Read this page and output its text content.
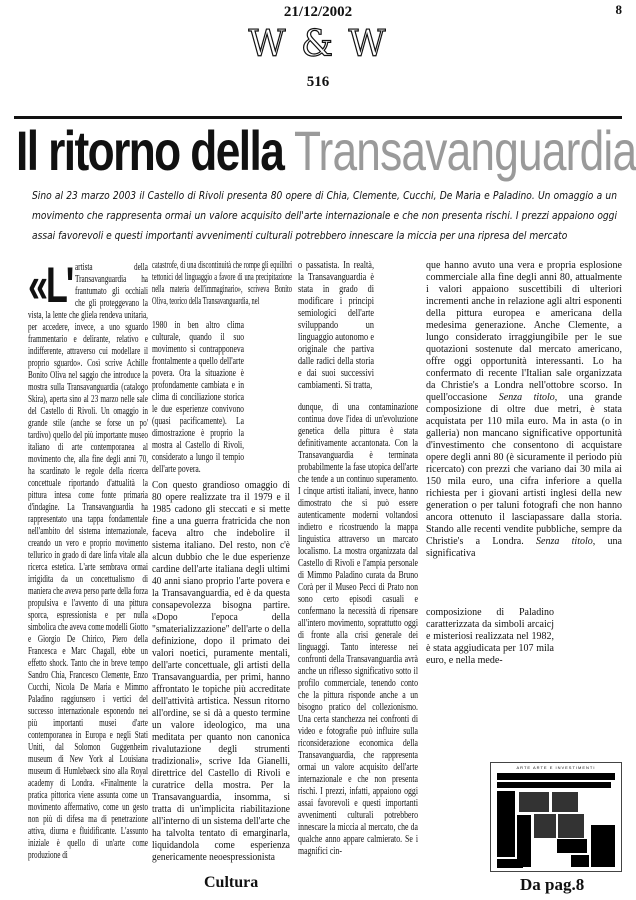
8
21/12/2002
W & W
516
Il ritorno della Transavanguardia
Sino al 23 marzo 2003 il Castello di Rivoli presenta 80 opere di Chia, Clemente, Cucchi, De Maria e Paladino. Un omaggio a un movimento che rappresenta ormai un valore acquisito dell'arte internazionale e che non presenta rischi. I prezzi appaiono oggi assai favorevoli e questi importanti avvenimenti culturali potrebbero innescare la miccia per una ripresa del mercato
«L' artista della Transavanguardia ha frantumato gli occhiali che gli proteggevano la vista, la lente che gliela rendeva unitaria, per accedere, invece, a uno sguardo frammentario e delirante, relativo e indifferente, attraverso cui modellare il proprio sguardo». Così scrive Achille Bonito Oliva nel saggio che introduce la mostra sulla Transavanguardia (catalogo Skira), aperta sino al 23 marzo nelle sale del Castello di Rivoli. Un omaggio in grande stile (anche se forse un po' tardivo) quello del più importante museo italiano di arte contemporanea al movimento che, alla fine degli anni 70, ha scardinato le regole della ricerca concettuale riportando d'attualità la pittura intesa come fonte primaria d'indagine. La Transavanguardia ha rappresentato una tappa fondamentale nell'ambito del sistema internazionale, creando un vero e proprio movimento tellurico in grado di dare linfa vitale alla ricerca estetica. L'arte sembrava ormai irrigidita da un concettualismo di maniera che aveva perso parte della forza propulsiva e l'avvento di una pittura sporca, espressionista e per nulla simbolica che aveva come modelli Giotto e Giorgio De Chirico, Piero della Francesca e Marc Chagall, ebbe un effetto shock. Tanto che in breve tempo Sandro Chia, Francesco Clemente, Enzo Cucchi, Nicola De Maria e Mimmo Paladino raggiunsero i vertici del successo internazionale esponendo nei più importanti musei d'arte contemporanea in Europa e negli Stati Uniti, dal Solomon Guggenheim museum di New York al Louisiana museum di Humlebaeck sino alla Royal academy di Londra. «Finalmente la pratica pittorica viene assunta come un movimento affermativo, come un gesto non più di difesa ma di penetrazione attiva, diurna e fluidificante. L'assunto iniziale è quello di un'arte come produzione di
catastrofe, di una discontinuità che rompe gli equilibri tettonici del linguaggio a favore di una precipitazione nella materia dell'immaginario», scriveva Bonito Oliva, teorico della Transavanguardia, nel
1980 in ben altro clima culturale, quando il suo movimento si contrapponeva frontalmente a quello dell'arte povera. Ora la situazione è profondamente cambiata e in clima di conciliazione storica le due esperienze convivono (quasi pacificamente). La dimostrazione è proprio la mostra al Castello di Rivoli, considerato a lungo il tempio dell'arte povera.
Con questo grandioso omaggio di 80 opere realizzate tra il 1979 e il 1985 cadono gli steccati e si mette fine a una guerra fratricida che non faceva altro che indebolire il sistema italiano. Del resto, non c'è alcun dubbio che le due esperienze cardine dell'arte italiana degli ultimi 40 anni siano proprio l'arte povera e la Transavanguardia, ed è da questa consapevolezza bisogna partire. «Dopo l'epoca della "smaterializzazione" dell'arte o della definizione, dopo il primato dei valori noetici, puramente mentali, dell'arte concettuale, gli artisti della Transavanguardia, per primi, hanno affrontato le topiche più accreditate dell'attività artistica. Nessun ritorno all'ordine, se si dà a questo termine un valore ideologico, ma una meditata per quanto non canonica rivalutazione degli strumenti tradizionali», scrive Ida Gianelli, direttrice del Castello di Rivoli e curatrice della mostra. Per la Transavanguardia, insomma, si tratta di un'implicita riabilitazione all'interno di un sistema dell'arte che ha talvolta tentato di emarginarla, liquidandola come esperienza genericamente neoespressionista
o passatista. In realtà, la Transavanguardia è stata in grado di modificare i principi semiologici dell'arte sviluppando un linguaggio autonomo e originale che partiva dalle radici della storia e dai suoi successivi cambiamenti. Si tratta,
dunque, di una contaminazione continua dove l'idea di un'evoluzione genetica della pittura è stata definitivamente accantonata. Con la Transavanguardia è terminata probabilmente la fase utopica dell'arte che tende a un continuo superamento. I cinque artisti italiani, invece, hanno dimostrato che si può essere autenticamente moderni voltandosi indietro e ricostruendo la mappa linguistica attraverso un marcato localismo. La mostra organizzata dal Castello di Rivoli e l'ampia personale di Mimmo Paladino curata da Bruno Corà per il Museo Pecci di Prato non sono certo episodi casuali e confermano la necessità di ripensare all'intero movimento, soprattutto oggi di fronte alla crisi generale dei linguaggi. Tanto interesse nei confronti della Transavanguardia avrà anche un riflesso significativo sotto il profilo commerciale, tenendo conto che la pittura risponde anche a un bisogno pratico del collezionismo. Una certa stanchezza nei confronti di video e fotografie può influire sulla riconsiderazione economica della Transavanguardia, che rappresenta ormai un valore acquisito dell'arte internazionale e che non presenta rischi. I prezzi, infatti, appaiono oggi assai favorevoli e questi importanti avvenimenti culturali potrebbero innescare la miccia al mercato, che da qualche anno appare calmierato. Se i magnifici cin-
que hanno avuto una vera e propria esplosione commerciale alla fine degli anni 80, attualmente i valori appaiono suscettibili di ulteriori incrementi anche in relazione agli altri esponenti della pittura europea e americana della medesima generazione. Anche Clemente, a lungo considerato irraggiungibile per le sue quotazioni sostenute dal mercato americano, offre oggi opportunità interessanti. Lo ha confermato di recente l'Italian sale organizzata da Christie's a Londra nell'ottobre scorso. In quell'occasione Senza titolo, una grande composizione di oltre due metri, è stata acquistata per 110 mila euro. Ma in asta (o in galleria) non mancano significative opportunità d'investimento che consentono di acquistare opere degli anni 80 (è sicuramente il periodo più ricercato) con prezzi che variano dai 30 mila ai 150 mila euro, una cifra inferiore a quella richiesta per i giovani artisti inglesi della new generation o per taluni fotografi che non hanno ancora ottenuto il lasciapassare dalla storia. Stando alle recenti vendite pubbliche, sempre da Christie's a Londra. Senza titolo, una significativa
composizione di Paladino caratterizzata da simboli arcaicj e misteriosi realizzata nel 1982, è stata aggiudicata per 107 mila euro, e nella mede-
ARTE ARTE E INVESTIMENTI
Cultura	Da pag.8
